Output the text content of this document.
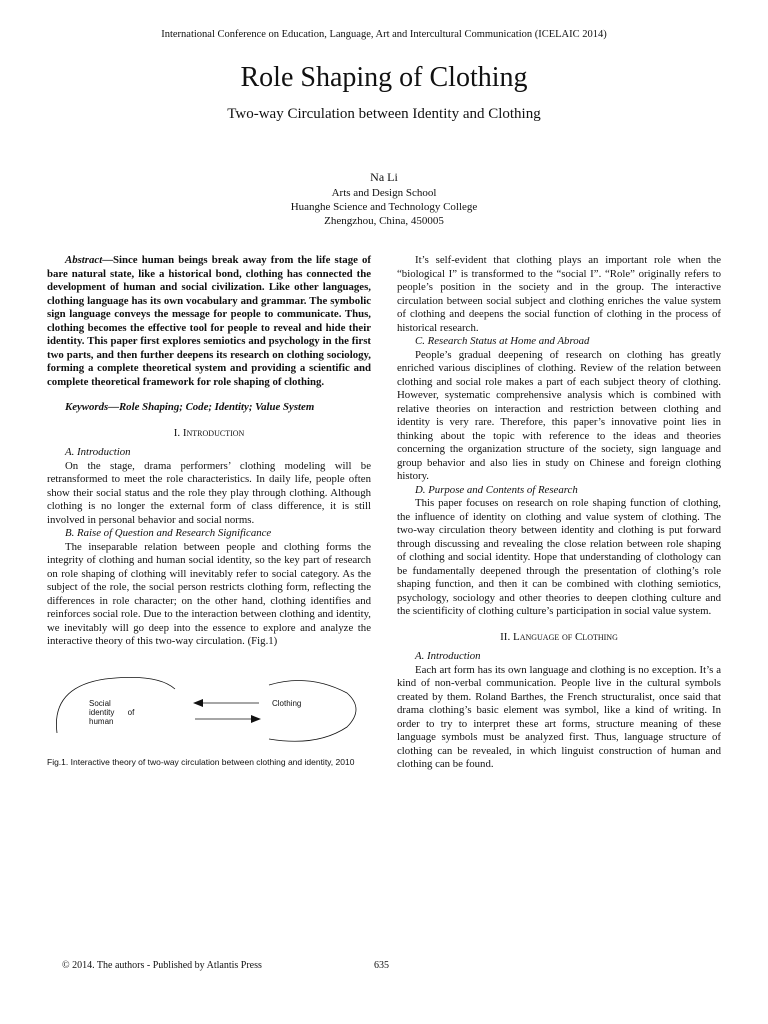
International Conference on Education, Language, Art and Intercultural Communication (ICELAIC 2014)
Role Shaping of Clothing
Two-way Circulation between Identity and Clothing
Na Li
Arts and Design School
Huanghe Science and Technology College
Zhengzhou, China, 450005

Abstract—Since human beings break away from the life stage of bare natural state, like a historical bond, clothing has connected the development of human and social civilization. Like other languages, clothing language has its own vocabulary and grammar. The symbolic sign language conveys the message for people to communicate. Thus, clothing becomes the effective tool for people to reveal and hide their identity. This paper first explores semiotics and psychology in the first two parts, and then further deepens its research on clothing sociology, forming a complete theoretical system and providing a scientific and complete theoretical framework for role shaping of clothing.

Keywords—Role Shaping; Code; Identity; Value System

I. Introduction

A. Introduction

On the stage, drama performers’ clothing modeling will be retransformed to meet the role characteristics. In daily life, people often show their social status and the role they play through clothing. Although clothing is no longer the external form of class difference, it is still involved in personal behavior and social norms.

B. Raise of Question and Research Significance

The inseparable relation between people and clothing forms the integrity of clothing and human social identity, so the key part of research on role shaping of clothing will inevitably refer to social category. As the subject of the role, the social person restricts clothing form, reflecting the differences in role character; on the other hand, clothing identifies and reinforces social role. Due to the interaction between clothing and identity, we inevitably will go deep into the essence to explore and analyze the interactive theory of this two-way circulation. (Fig.1)

Social
identity      of
human
Clothing

Fig.1. Interactive theory of two-way circulation between clothing and identity, 2010

It’s self-evident that clothing plays an important role when the “biological I” is transformed to the “social I”. “Role” originally refers to people’s position in the society and in the group. The interactive circulation between social subject and clothing enriches the value system of clothing and deepens the social function of clothing in the process of historical research.

C. Research Status at Home and Abroad

People’s gradual deepening of research on clothing has greatly enriched various disciplines of clothing. Review of the relation between clothing and social role makes a part of each subject theory of clothing. However, systematic comprehensive analysis which is combined with relative theories on interaction and restriction between clothing and identity is very rare. Therefore, this paper’s innovative point lies in thinking about the topic with reference to the ideas and theories concerning the organization structure of the society, sign language and group behavior and also lies in study on Chinese and foreign clothing history.

D. Purpose and Contents of Research

This paper focuses on research on role shaping function of clothing, the influence of identity on clothing and value system of clothing. The two-way circulation theory between identity and clothing is put forward through discussing and revealing the close relation between role shaping of clothing and social identity. Hope that understanding of clothology can be fundamentally deepened through the presentation of clothing’s role shaping function, and then it can be combined with clothing semiotics, psychology, sociology and other theories to deepen clothing culture and the scientificity of clothing culture’s participation in social value system.

II. Language of Clothing

A. Introduction

Each art form has its own language and clothing is no exception. It’s a kind of non-verbal communication. People live in the cultural symbols created by them. Roland Barthes, the French structuralist, once said that drama clothing’s basic element was symbol, like a kind of writing. In order to try to interpret these art forms, structure meaning of these language symbols must be analyzed first. Thus, language structure of clothing can be revealed, in which linguist construction of human and clothing can be found.

© 2014. The authors - Published by Atlantis Press	635
